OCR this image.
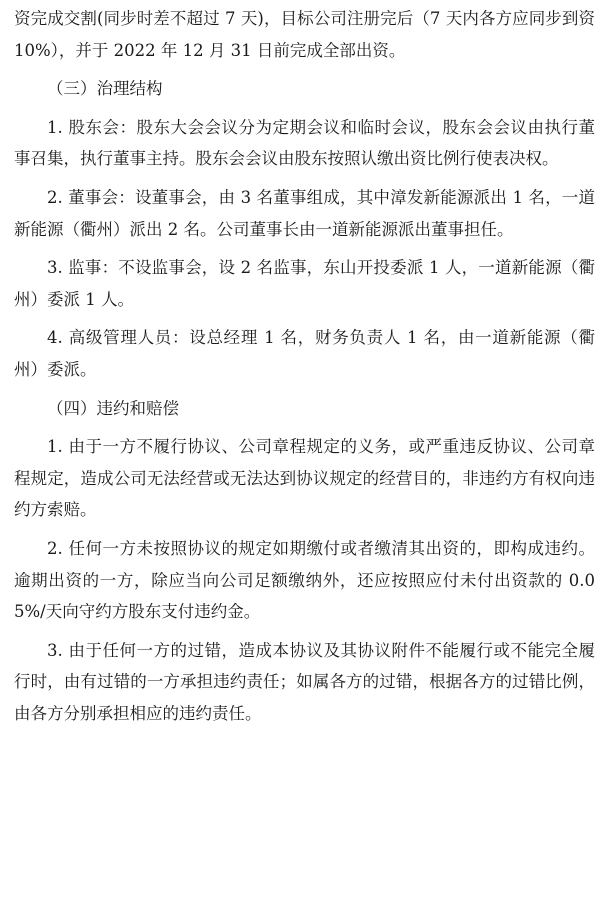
资完成交割(同步时差不超过 7 天)，目标公司注册完后（7 天内各方应同步到资 10%），并于 2022 年 12 月 31 日前完成全部出资。

（三）治理结构

1. 股东会：股东大会会议分为定期会议和临时会议，股东会会议由执行董事召集，执行董事主持。股东会会议由股东按照认缴出资比例行使表决权。

2. 董事会：设董事会，由 3 名董事组成，其中漳发新能源派出 1 名，一道新能源（衢州）派出 2 名。公司董事长由一道新能源派出董事担任。

3. 监事：不设监事会，设 2 名监事，东山开投委派 1 人，一道新能源（衢州）委派 1 人。

4. 高级管理人员：设总经理 1 名，财务负责人 1 名，由一道新能源（衢州）委派。

（四）违约和赔偿

1. 由于一方不履行协议、公司章程规定的义务，或严重违反协议、公司章程规定，造成公司无法经营或无法达到协议规定的经营目的，非违约方有权向违约方索赔。

2. 任何一方未按照协议的规定如期缴付或者缴清其出资的，即构成违约。逾期出资的一方，除应当向公司足额缴纳外，还应按照应付未付出资款的 0.05%/天向守约方股东支付违约金。

3. 由于任何一方的过错，造成本协议及其协议附件不能履行或不能完全履行时，由有过错的一方承担违约责任；如属各方的过错，根据各方的过错比例，由各方分别承担相应的违约责任。
